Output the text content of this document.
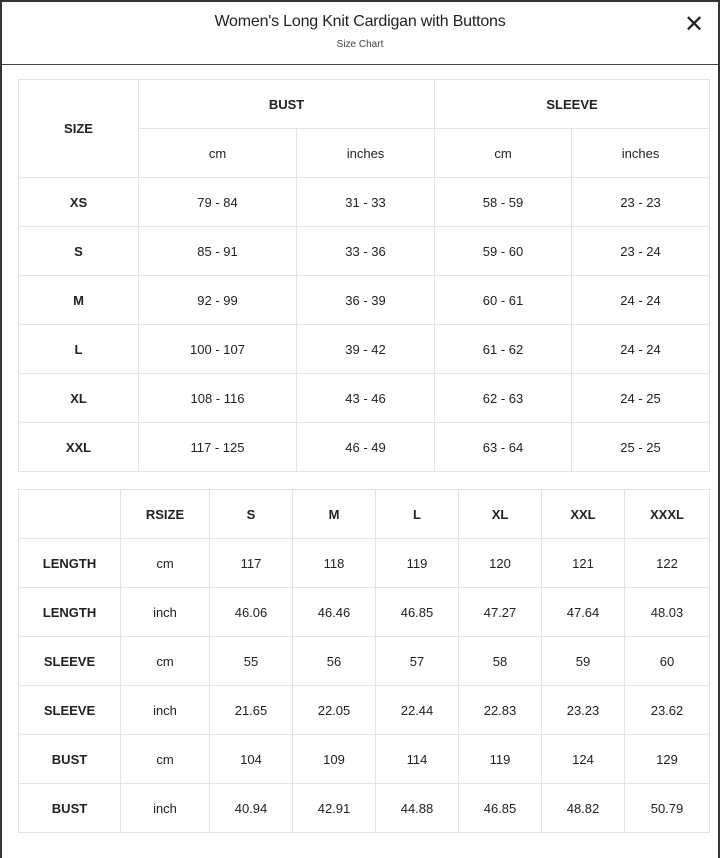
Women's Long Knit Cardigan with Buttons
Size Chart
✕
SIZE	BUST		SLEEVE	
	cm	inches	cm	inches
XS	79 - 84	31 - 33	58 - 59	23 - 23
S	85 - 91	33 - 36	59 - 60	23 - 24
M	92 - 99	36 - 39	60 - 61	24 - 24
L	100 - 107	39 - 42	61 - 62	24 - 24
XL	108 - 116	43 - 46	62 - 63	24 - 25
XXL	117 - 125	46 - 49	63 - 64	25 - 25
	RSIZE	S	M	L	XL	XXL	XXXL
LENGTH	cm	117	118	119	120	121	122
LENGTH	inch	46.06	46.46	46.85	47.27	47.64	48.03
SLEEVE	cm	55	56	57	58	59	60
SLEEVE	inch	21.65	22.05	22.44	22.83	23.23	23.62
BUST	cm	104	109	114	119	124	129
BUST	inch	40.94	42.91	44.88	46.85	48.82	50.79
